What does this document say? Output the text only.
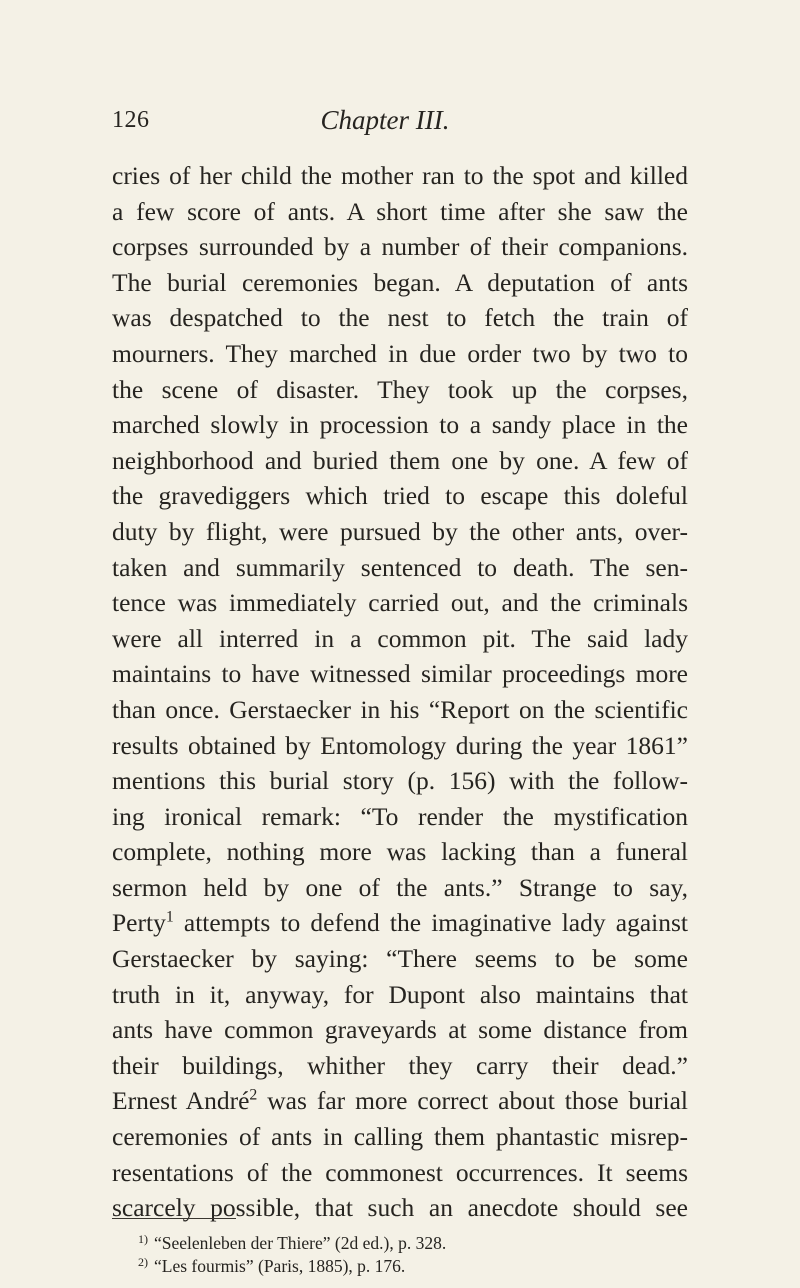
126	Chapter III.
cries of her child the mother ran to the spot and killed
a few score of ants. A short time after she saw the
corpses surrounded by a number of their companions.
The burial ceremonies began. A deputation of ants
was despatched to the nest to fetch the train of
mourners. They marched in due order two by two to
the scene of disaster. They took up the corpses,
marched slowly in procession to a sandy place in the
neighborhood and buried them one by one. A few of
the gravediggers which tried to escape this doleful
duty by flight, were pursued by the other ants, over-
taken and summarily sentenced to death. The sen-
tence was immediately carried out, and the criminals
were all interred in a common pit. The said lady
maintains to have witnessed similar proceedings more
than once. Gerstaecker in his “Report on the scientific
results obtained by Entomology during the year 1861”
mentions this burial story (p. 156) with the follow-
ing ironical remark: “To render the mystification
complete, nothing more was lacking than a funeral
sermon held by one of the ants.” Strange to say,
Perty$^1$ attempts to defend the imaginative lady against
Gerstaecker by saying: “There seems to be some
truth in it, anyway, for Dupont also maintains that
ants have common graveyards at some distance from
their buildings, whither they carry their dead.”
Ernest André$^2$ was far more correct about those burial
ceremonies of ants in calling them phantastic misrep-
resentations of the commonest occurrences. It seems
scarcely possible, that such an anecdote should see
$^{1)}$ “Seelenleben der Thiere” (2d ed.), p. 328.
$^{2)}$ “Les fourmis” (Paris, 1885), p. 176.
